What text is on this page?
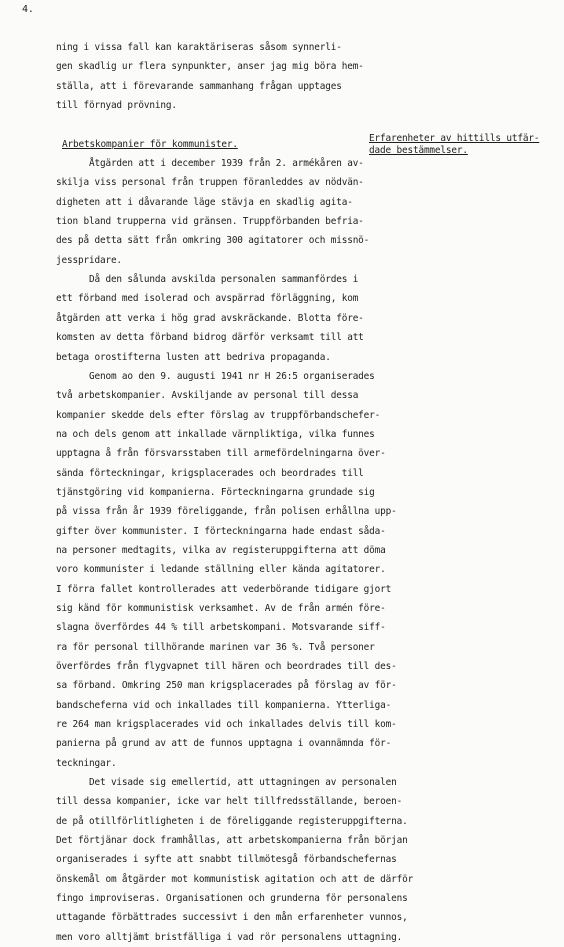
4.
ning i vissa fall kan karaktäriseras såsom synnerli-
gen skadlig ur flera synpunkter, anser jag mig böra hem-
ställa, att i förevarande sammanhang frågan upptages
till förnyad prövning.
Arbetskompanier för kommunister.
Åtgärden att i december 1939 från 2. armékåren av-
skilja viss personal från truppen föranleddes av nödvän-
digheten att i dåvarande läge stävja en skadlig agita-
tion bland trupperna vid gränsen. Truppförbanden befria-
des på detta sätt från omkring 300 agitatorer och missnö-
jesspridare.
Då den sålunda avskilda personalen sammanfördes i
ett förband med isolerad och avspärrad förläggning, kom
åtgärden att verka i hög grad avskräckande. Blotta före-
komsten av detta förband bidrog därför verksamt till att
betaga orostifterna lusten att bedriva propaganda.
Genom ao den 9. augusti 1941 nr H 26:5 organiserades
två arbetskompanier. Avskiljande av personal till dessa
kompanier skedde dels efter förslag av truppförbandschefer-
na och dels genom att inkallade värnpliktiga, vilka funnes
upptagna å från försvarsstaben till armefördelningarna över-
sända förteckningar, krigsplacerades och beordrades till
tjänstgöring vid kompanierna. Förteckningarna grundade sig
på vissa från år 1939 föreliggande, från polisen erhållna upp-
gifter över kommunister. I förteckningarna hade endast såda-
na personer medtagits, vilka av registeruppgifterna att döma
voro kommunister i ledande ställning eller kända agitatorer.
I förra fallet kontrollerades att vederbörande tidigare gjort
sig känd för kommunistisk verksamhet. Av de från armén före-
slagna överfördes 44 % till arbetskompani. Motsvarande siff-
ra för personal tillhörande marinen var 36 %. Två personer
överfördes från flygvapnet till hären och beordrades till des-
sa förband. Omkring 250 man krigsplacerades på förslag av för-
bandscheferna vid och inkallades till kompanierna. Ytterliga-
re 264 man krigsplacerades vid och inkallades delvis till kom-
panierna på grund av att de funnos upptagna i ovannämnda för-
teckningar.
Det visade sig emellertid, att uttagningen av personalen
till dessa kompanier, icke var helt tillfredsställande, beroen-
de på otillförlitligheten i de föreliggande registeruppgifterna.
Det förtjänar dock framhållas, att arbetskompanierna från början
organiserades i syfte att snabbt tillmötesgå förbandschefernas
önskemål om åtgärder mot kommunistisk agitation och att de därför
fingo improviseras. Organisationen och grunderna för personalens
uttagande förbättrades successivt i den mån erfarenheter vunnos,
men voro alltjämt bristfälliga i vad rör personalens uttagning.
Erfarenheter av hittills utfär-
dade bestämmelser.
